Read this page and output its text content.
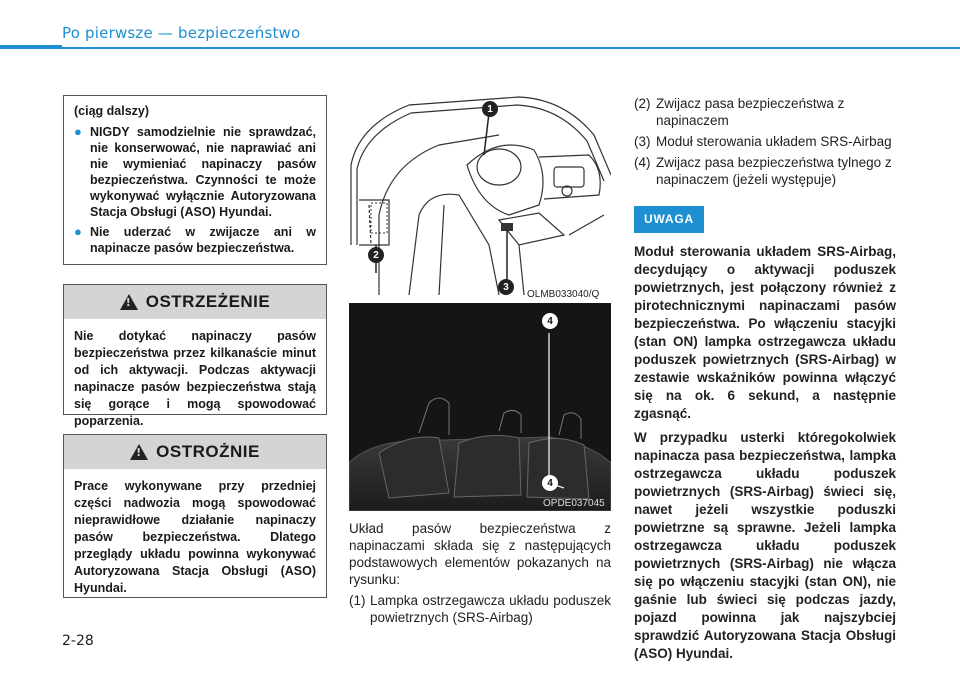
Po pierwsze — bezpieczeństwo
(ciąg dalszy)
● NIGDY samodzielnie nie sprawdzać, nie konserwować, nie naprawiać ani nie wymieniać napinaczy pasów bezpieczeństwa. Czynności te może wykonywać wyłącznie Autoryzowana Stacja Obsługi (ASO) Hyundai.
● Nie uderzać w zwijacze ani w napinacze pasów bezpieczeństwa.
!
OSTRZEŻENIE
Nie dotykać napinaczy pasów bezpieczeństwa przez kilkanaście minut od ich aktywacji. Podczas aktywacji napinacze pasów bezpieczeństwa stają się gorące i mogą spowodować poparzenia.
!
OSTROŻNIE
Prace wykonywane przy przedniej części nadwozia mogą spowodować nieprawidłowe działanie napinaczy pasów bezpieczeństwa. Dlatego przeglądy układu powinna wykonywać Autoryzowana Stacja Obsługi (ASO) Hyundai.
1
2
3
OLMB033040/Q
4
4
OPDE037045
Układ pasów bezpieczeństwa z napinaczami składa się z następujących podstawowych elementów pokazanych na rysunku:
(1) Lampka ostrzegawcza układu poduszek powietrznych (SRS-Airbag)
(2) Zwijacz pasa bezpieczeństwa z napinaczem
(3) Moduł sterowania układem SRS-Airbag
(4) Zwijacz pasa bezpieczeństwa tylnego z napinaczem (jeżeli występuje)
UWAGA
Moduł sterowania układem SRS-Airbag, decydujący o aktywacji poduszek powietrznych, jest połączony również z pirotechnicznymi napinaczami pasów bezpieczeństwa. Po włączeniu stacyjki (stan ON) lampka ostrzegawcza układu poduszek powietrznych (SRS-Airbag) w zestawie wskaźników powinna włączyć się na ok. 6 sekund, a następnie zgasnąć.
W przypadku usterki któregokolwiek napinacza pasa bezpieczeństwa, lampka ostrzegawcza układu poduszek powietrznych (SRS-Airbag) świeci się, nawet jeżeli wszystkie poduszki powietrzne są sprawne. Jeżeli lampka ostrzegawcza układu poduszek powietrznych (SRS-Airbag) nie włącza się po włączeniu stacyjki (stan ON), nie gaśnie lub świeci się podczas jazdy, pojazd powinna jak najszybciej sprawdzić Autoryzowana Stacja Obsługi (ASO) Hyundai.
2-28
